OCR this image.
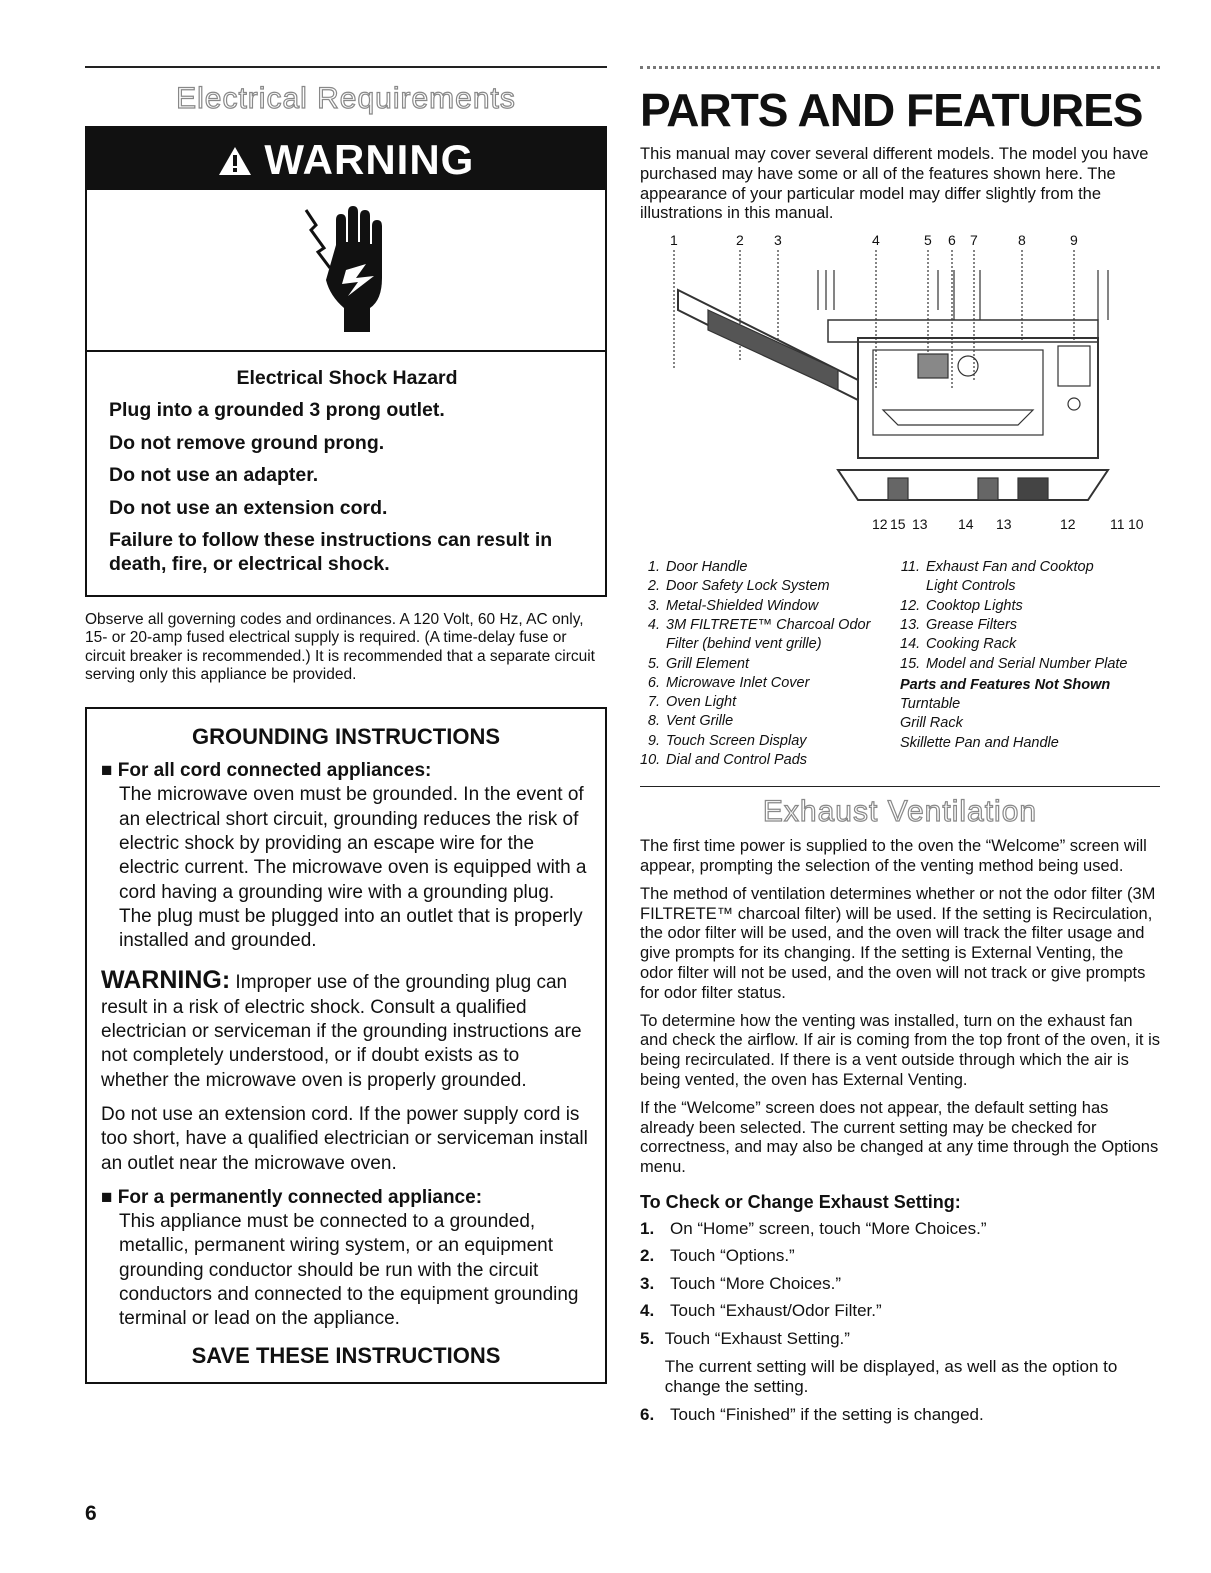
Electrical Requirements
WARNING
Electrical Shock Hazard

Plug into a grounded 3 prong outlet.

Do not remove ground prong.

Do not use an adapter.

Do not use an extension cord.

Failure to follow these instructions can result in death, fire, or electrical shock.

Observe all governing codes and ordinances. A 120 Volt, 60 Hz, AC only, 15- or 20-amp fused electrical supply is required. (A time-delay fuse or circuit breaker is recommended.) It is recommended that a separate circuit serving only this appliance be provided.

GROUNDING INSTRUCTIONS

■ For all cord connected appliances:

The microwave oven must be grounded. In the event of an electrical short circuit, grounding reduces the risk of electric shock by providing an escape wire for the electric current. The microwave oven is equipped with a cord having a grounding wire with a grounding plug. The plug must be plugged into an outlet that is properly installed and grounded.

WARNING: Improper use of the grounding plug can result in a risk of electric shock. Consult a qualified electrician or serviceman if the grounding instructions are not completely understood, or if doubt exists as to whether the microwave oven is properly grounded.

Do not use an extension cord. If the power supply cord is too short, have a qualified electrician or serviceman install an outlet near the microwave oven.

■ For a permanently connected appliance:

This appliance must be connected to a grounded, metallic, permanent wiring system, or an equipment grounding conductor should be run with the circuit conductors and connected to the equipment grounding terminal or lead on the appliance.

SAVE THESE INSTRUCTIONS
PARTS AND FEATURES

This manual may cover several different models. The model you have purchased may have some or all of the features shown here. The appearance of your particular model may differ slightly from the illustrations in this manual.

1	2 3	4	5 6 7	8	9
12 15 13 14 13	12 11 10
1. Door Handle
2. Door Safety Lock System
3. Metal-Shielded Window
4. 3M FILTRETE™ Charcoal Odor
Filter (behind vent grille)
5. Grill Element
6. Microwave Inlet Cover
7. Oven Light
8. Vent Grille
9. Touch Screen Display
10. Dial and Control Pads
11. Exhaust Fan and Cooktop
Light Controls
12. Cooktop Lights
13. Grease Filters
14. Cooking Rack
15. Model and Serial Number Plate
Parts and Features Not Shown
Turntable
Grill Rack
Skillette Pan and Handle
Exhaust Ventilation

The first time power is supplied to the oven the “Welcome” screen will appear, prompting the selection of the venting method being used.

The method of ventilation determines whether or not the odor filter (3M FILTRETE™ charcoal filter) will be used. If the setting is Recirculation, the odor filter will be used, and the oven will track the filter usage and give prompts for its changing. If the setting is External Venting, the odor filter will not be used, and the oven will not track or give prompts for odor filter status.

To determine how the venting was installed, turn on the exhaust fan and check the airflow. If air is coming from the top front of the oven, it is being recirculated. If there is a vent outside through which the air is being vented, the oven has External Venting.

If the “Welcome” screen does not appear, the default setting has already been selected. The current setting may be checked for correctness, and may also be changed at any time through the Options menu.

To Check or Change Exhaust Setting:
1. On “Home” screen, touch “More Choices.”
2. Touch “Options.”
3. Touch “More Choices.”
4. Touch “Exhaust/Odor Filter.”
5. Touch “Exhaust Setting.”

The current setting will be displayed, as well as the option to change the setting.
6. Touch “Finished” if the setting is changed.
6
